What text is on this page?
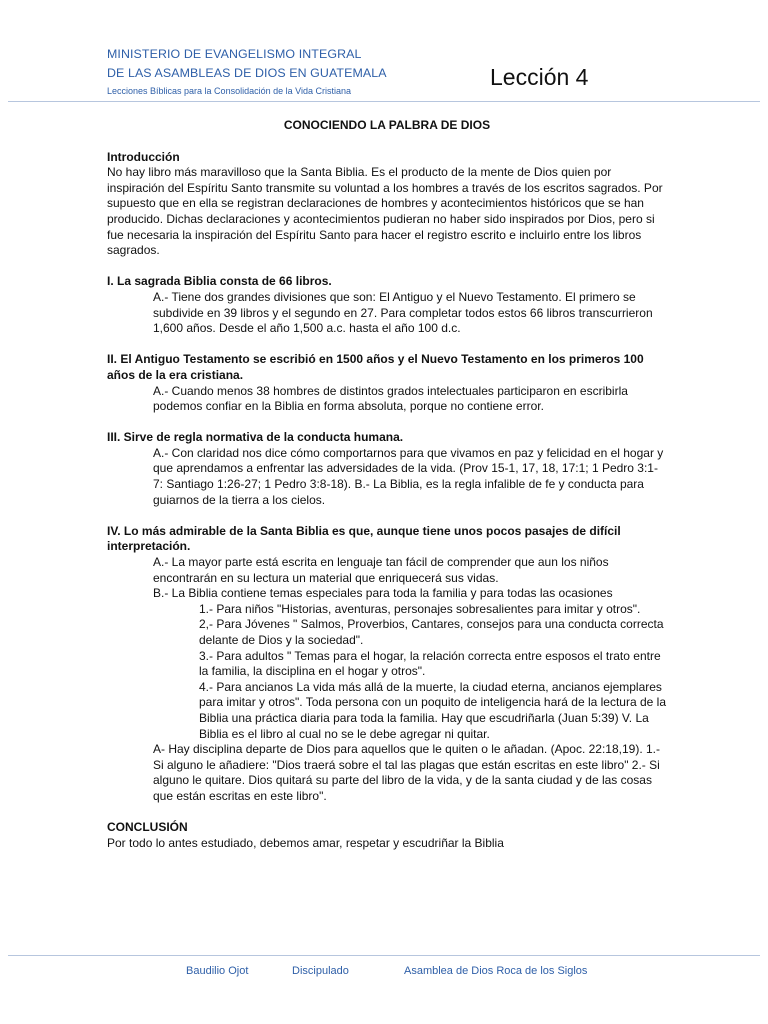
MINISTERIO DE EVANGELISMO INTEGRAL
DE LAS ASAMBLEAS DE DIOS EN GUATEMALA
Lecciones Bíblicas para la Consolidación de la Vida Cristiana
Lección 4
CONOCIENDO LA PALBRA DE DIOS

Introducción

No hay libro más maravilloso que la Santa Biblia. Es el producto de la mente de Dios quien por inspiración del Espíritu Santo transmite su voluntad a los hombres a través de los escritos sagrados. Por supuesto que en ella se registran declaraciones de hombres y acontecimientos históricos que se han producido. Dichas declaraciones y acontecimientos pudieran no haber sido inspirados por Dios, pero si fue necesaria la inspiración del Espíritu Santo para hacer el registro escrito e incluirlo entre los libros sagrados.

I. La sagrada Biblia consta de 66 libros.

A.- Tiene dos grandes divisiones que son: El Antiguo y el Nuevo Testamento. El primero se subdivide en 39 libros y el segundo en 27. Para completar todos estos 66 libros transcurrieron 1,600 años. Desde el año 1,500 a.c. hasta el año 100 d.c.

II. El Antiguo Testamento se escribió en 1500 años y el Nuevo Testamento en los primeros 100 años de la era cristiana.

A.- Cuando menos 38 hombres de distintos grados intelectuales participaron en escribirla podemos confiar en la Biblia en forma absoluta, porque no contiene error.

III. Sirve de regla normativa de la conducta humana.

A.- Con claridad nos dice cómo comportarnos para que vivamos en paz y felicidad en el hogar y que aprendamos a enfrentar las adversidades de la vida. (Prov 15-1, 17, 18, 17:1; 1 Pedro 3:1-7: Santiago 1:26-27; 1 Pedro 3:8-18). B.- La Biblia, es la regla infalible de fe y conducta para guiarnos de la tierra a los cielos.

IV. Lo más admirable de la Santa Biblia es que, aunque tiene unos pocos pasajes de difícil interpretación.

A.- La mayor parte está escrita en lenguaje tan fácil de comprender que aun los niños encontrarán en su lectura un material que enriquecerá sus vidas.

B.- La Biblia contiene temas especiales para toda la familia y para todas las ocasiones

1.- Para niños "Historias, aventuras, personajes sobresalientes para imitar y otros".

2,- Para Jóvenes " Salmos, Proverbios, Cantares, consejos para una conducta correcta delante de Dios y la sociedad".

3.- Para adultos " Temas para el hogar, la relación correcta entre esposos el trato entre la familia, la disciplina en el hogar y otros".

4.- Para ancianos La vida más allá de la muerte, la ciudad eterna, ancianos ejemplares para imitar y otros". Toda persona con un poquito de inteligencia hará de la lectura de la Biblia una práctica diaria para toda la familia. Hay que escudriñarla (Juan 5:39) V. La Biblia es el libro al cual no se le debe agregar ni quitar.

A- Hay disciplina departe de Dios para aquellos que le quiten o le añadan. (Apoc. 22:18,19). 1.- Si alguno le añadiere: "Dios traerá sobre el tal las plagas que están escritas en este libro" 2.- Si alguno le quitare. Dios quitará su parte del libro de la vida, y de la santa ciudad y de las cosas que están escritas en este libro".

CONCLUSIÓN

Por todo lo antes estudiado, debemos amar, respetar y escudriñar la Biblia

Baudilio Ojot	Discipulado	Asamblea de Dios Roca de los Siglos
